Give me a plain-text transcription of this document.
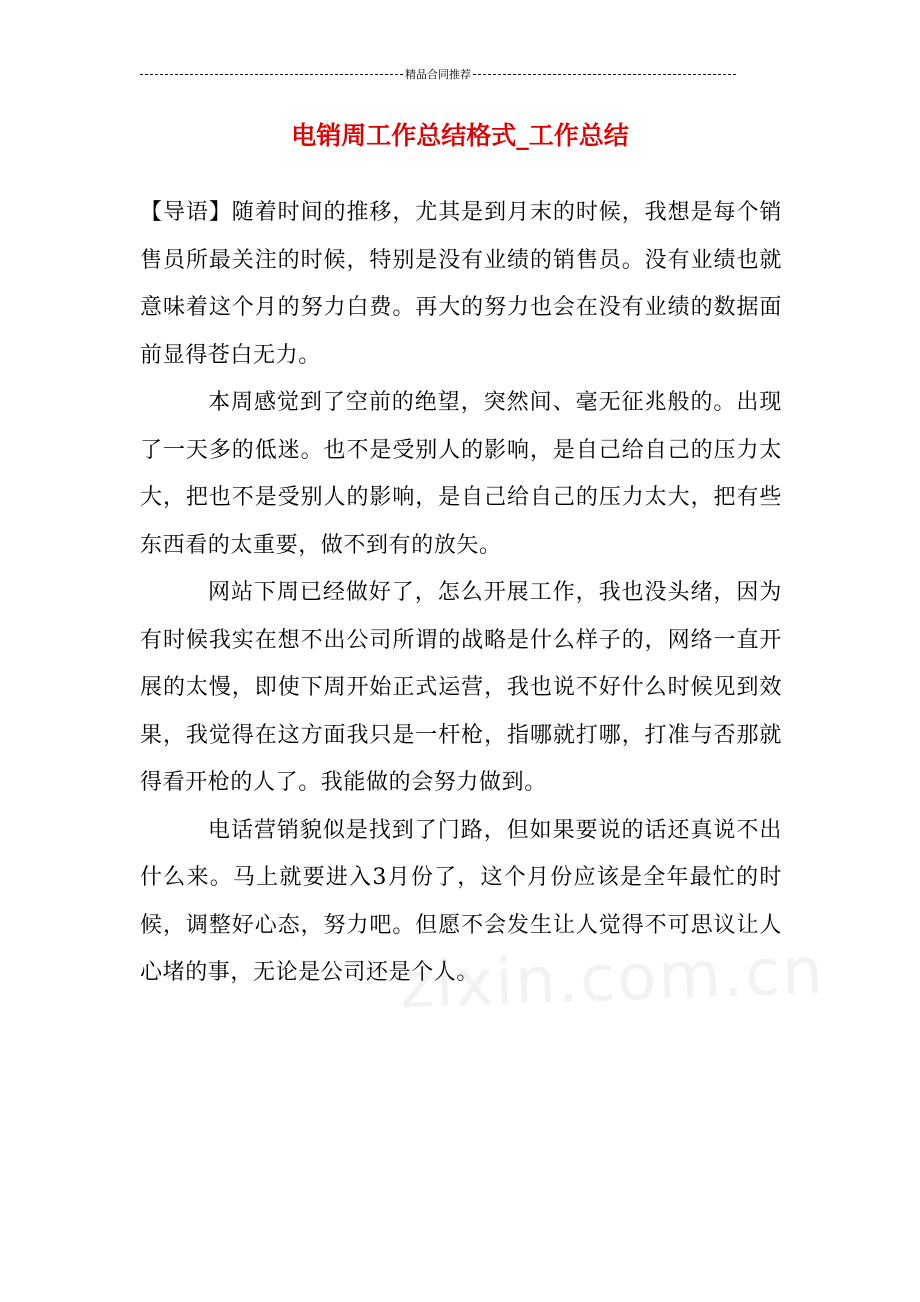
zixin.com.cn
精品合同推荐
电销周工作总结格式_工作总结

【导语】随着时间的推移，尤其是到月末的时候，我想是每个销售员所最关注的时候，特别是没有业绩的销售员。没有业绩也就意味着这个月的努力白费。再大的努力也会在没有业绩的数据面前显得苍白无力。

本周感觉到了空前的绝望，突然间、毫无征兆般的。出现了一天多的低迷。也不是受别人的影响，是自己给自己的压力太大，把也不是受别人的影响，是自己给自己的压力太大，把有些东西看的太重要，做不到有的放矢。

网站下周已经做好了，怎么开展工作，我也没头绪，因为有时候我实在想不出公司所谓的战略是什么样子的，网络一直开展的太慢，即使下周开始正式运营，我也说不好什么时候见到效果，我觉得在这方面我只是一杆枪，指哪就打哪，打准与否那就得看开枪的人了。我能做的会努力做到。

电话营销貌似是找到了门路，但如果要说的话还真说不出什么来。马上就要进入3月份了，这个月份应该是全年最忙的时候，调整好心态，努力吧。但愿不会发生让人觉得不可思议让人心堵的事，无论是公司还是个人。
